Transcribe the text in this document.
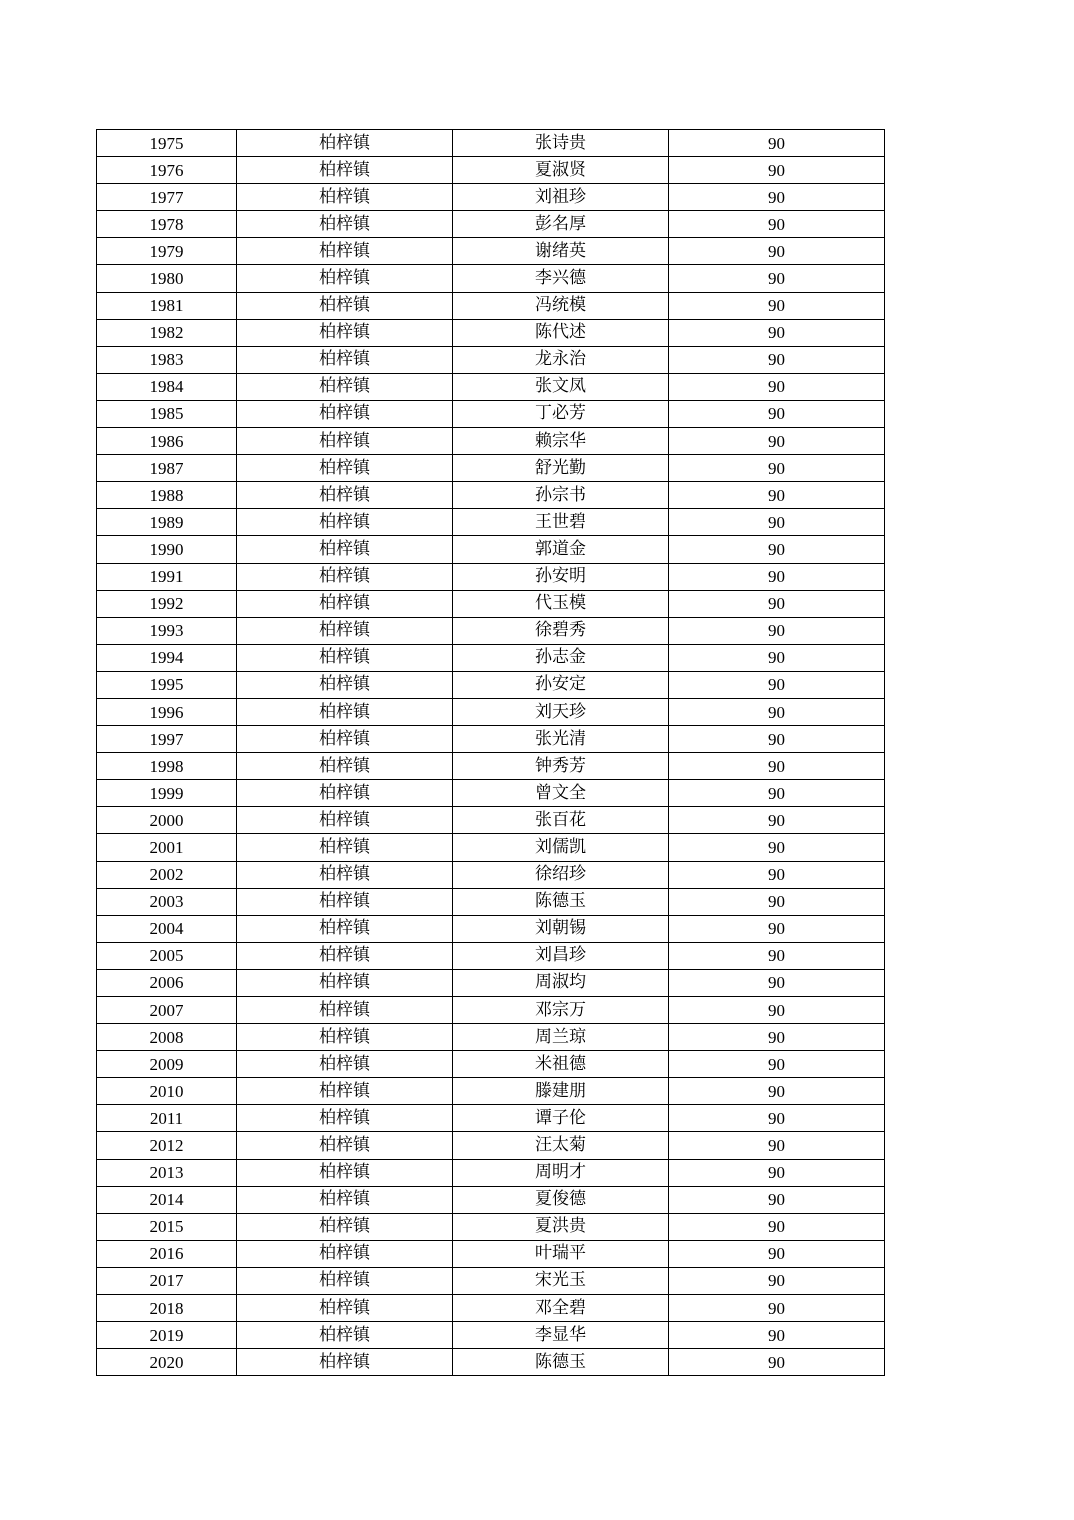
1975	柏梓镇	张诗贵	90
1976	柏梓镇	夏淑贤	90
1977	柏梓镇	刘祖珍	90
1978	柏梓镇	彭名厚	90
1979	柏梓镇	谢绪英	90
1980	柏梓镇	李兴德	90
1981	柏梓镇	冯统模	90
1982	柏梓镇	陈代述	90
1983	柏梓镇	龙永治	90
1984	柏梓镇	张文凤	90
1985	柏梓镇	丁必芳	90
1986	柏梓镇	赖宗华	90
1987	柏梓镇	舒光勤	90
1988	柏梓镇	孙宗书	90
1989	柏梓镇	王世碧	90
1990	柏梓镇	郭道金	90
1991	柏梓镇	孙安明	90
1992	柏梓镇	代玉模	90
1993	柏梓镇	徐碧秀	90
1994	柏梓镇	孙志金	90
1995	柏梓镇	孙安定	90
1996	柏梓镇	刘天珍	90
1997	柏梓镇	张光清	90
1998	柏梓镇	钟秀芳	90
1999	柏梓镇	曾文全	90
2000	柏梓镇	张百花	90
2001	柏梓镇	刘儒凯	90
2002	柏梓镇	徐绍珍	90
2003	柏梓镇	陈德玉	90
2004	柏梓镇	刘朝锡	90
2005	柏梓镇	刘昌珍	90
2006	柏梓镇	周淑均	90
2007	柏梓镇	邓宗万	90
2008	柏梓镇	周兰琼	90
2009	柏梓镇	米祖德	90
2010	柏梓镇	滕建朋	90
2011	柏梓镇	谭子伦	90
2012	柏梓镇	汪太菊	90
2013	柏梓镇	周明才	90
2014	柏梓镇	夏俊德	90
2015	柏梓镇	夏洪贵	90
2016	柏梓镇	叶瑞平	90
2017	柏梓镇	宋光玉	90
2018	柏梓镇	邓全碧	90
2019	柏梓镇	李显华	90
2020	柏梓镇	陈德玉	90
